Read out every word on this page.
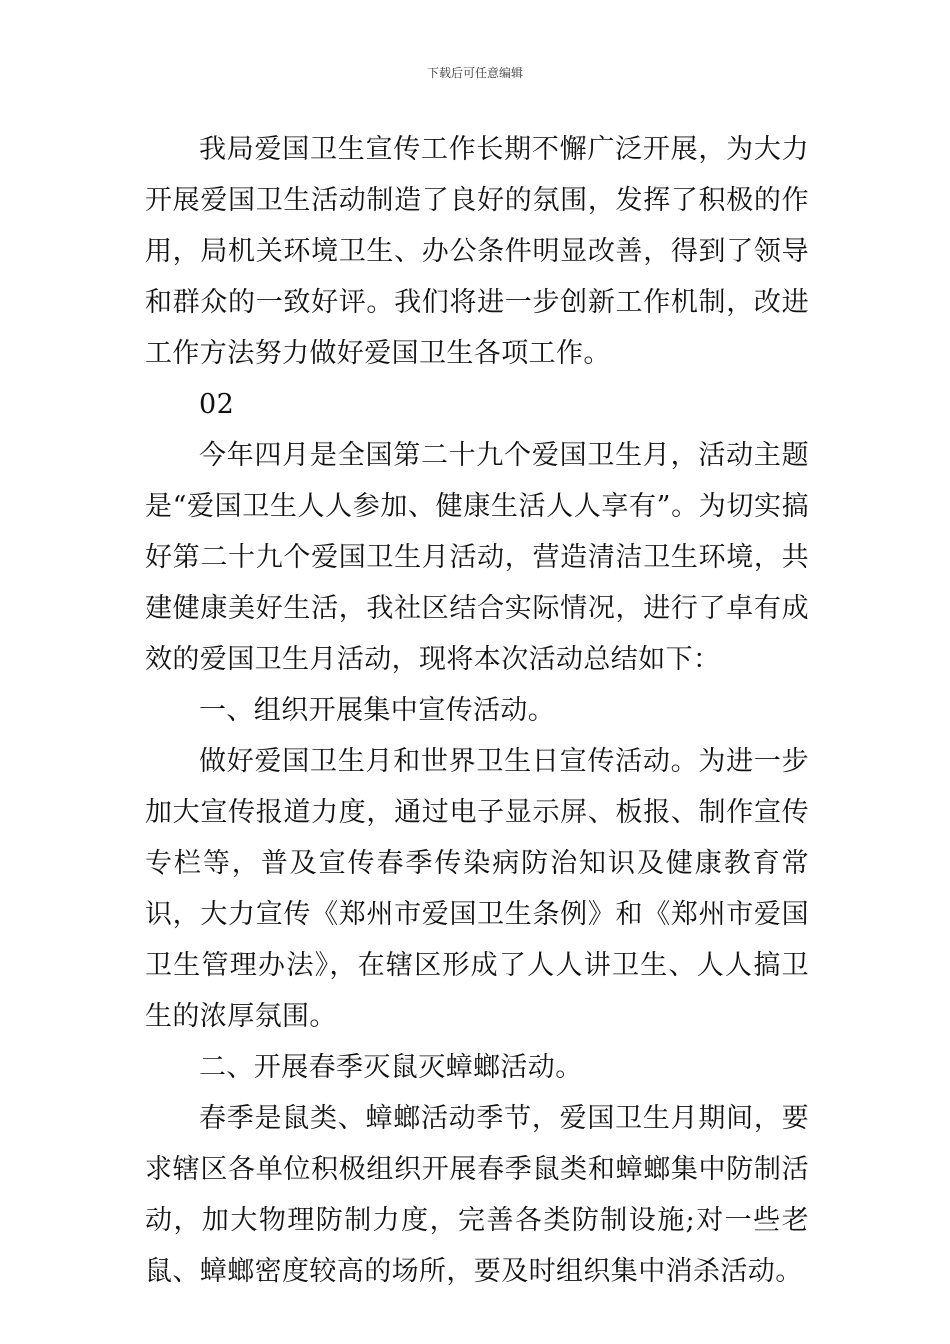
下载后可任意编辑

我局爱国卫生宣传工作长期不懈广泛开展，为大力开展爱国卫生活动制造了良好的氛围，发挥了积极的作用，局机关环境卫生、办公条件明显改善，得到了领导和群众的一致好评。我们将进一步创新工作机制，改进工作方法努力做好爱国卫生各项工作。

02

今年四月是全国第二十九个爱国卫生月，活动主题是“爱国卫生人人参加、健康生活人人享有”。为切实搞好第二十九个爱国卫生月活动，营造清洁卫生环境，共建健康美好生活，我社区结合实际情况，进行了卓有成效的爱国卫生月活动，现将本次活动总结如下：

一、组织开展集中宣传活动。

做好爱国卫生月和世界卫生日宣传活动。为进一步加大宣传报道力度，通过电子显示屏、板报、制作宣传专栏等，普及宣传春季传染病防治知识及健康教育常识，大力宣传《郑州市爱国卫生条例》和《郑州市爱国卫生管理办法》，在辖区形成了人人讲卫生、人人搞卫生的浓厚氛围。

二、开展春季灭鼠灭蟑螂活动。

春季是鼠类、蟑螂活动季节，爱国卫生月期间，要求辖区各单位积极组织开展春季鼠类和蟑螂集中防制活动，加大物理防制力度，完善各类防制设施;对一些老鼠、蟑螂密度较高的场所，要及时组织集中消杀活动。
